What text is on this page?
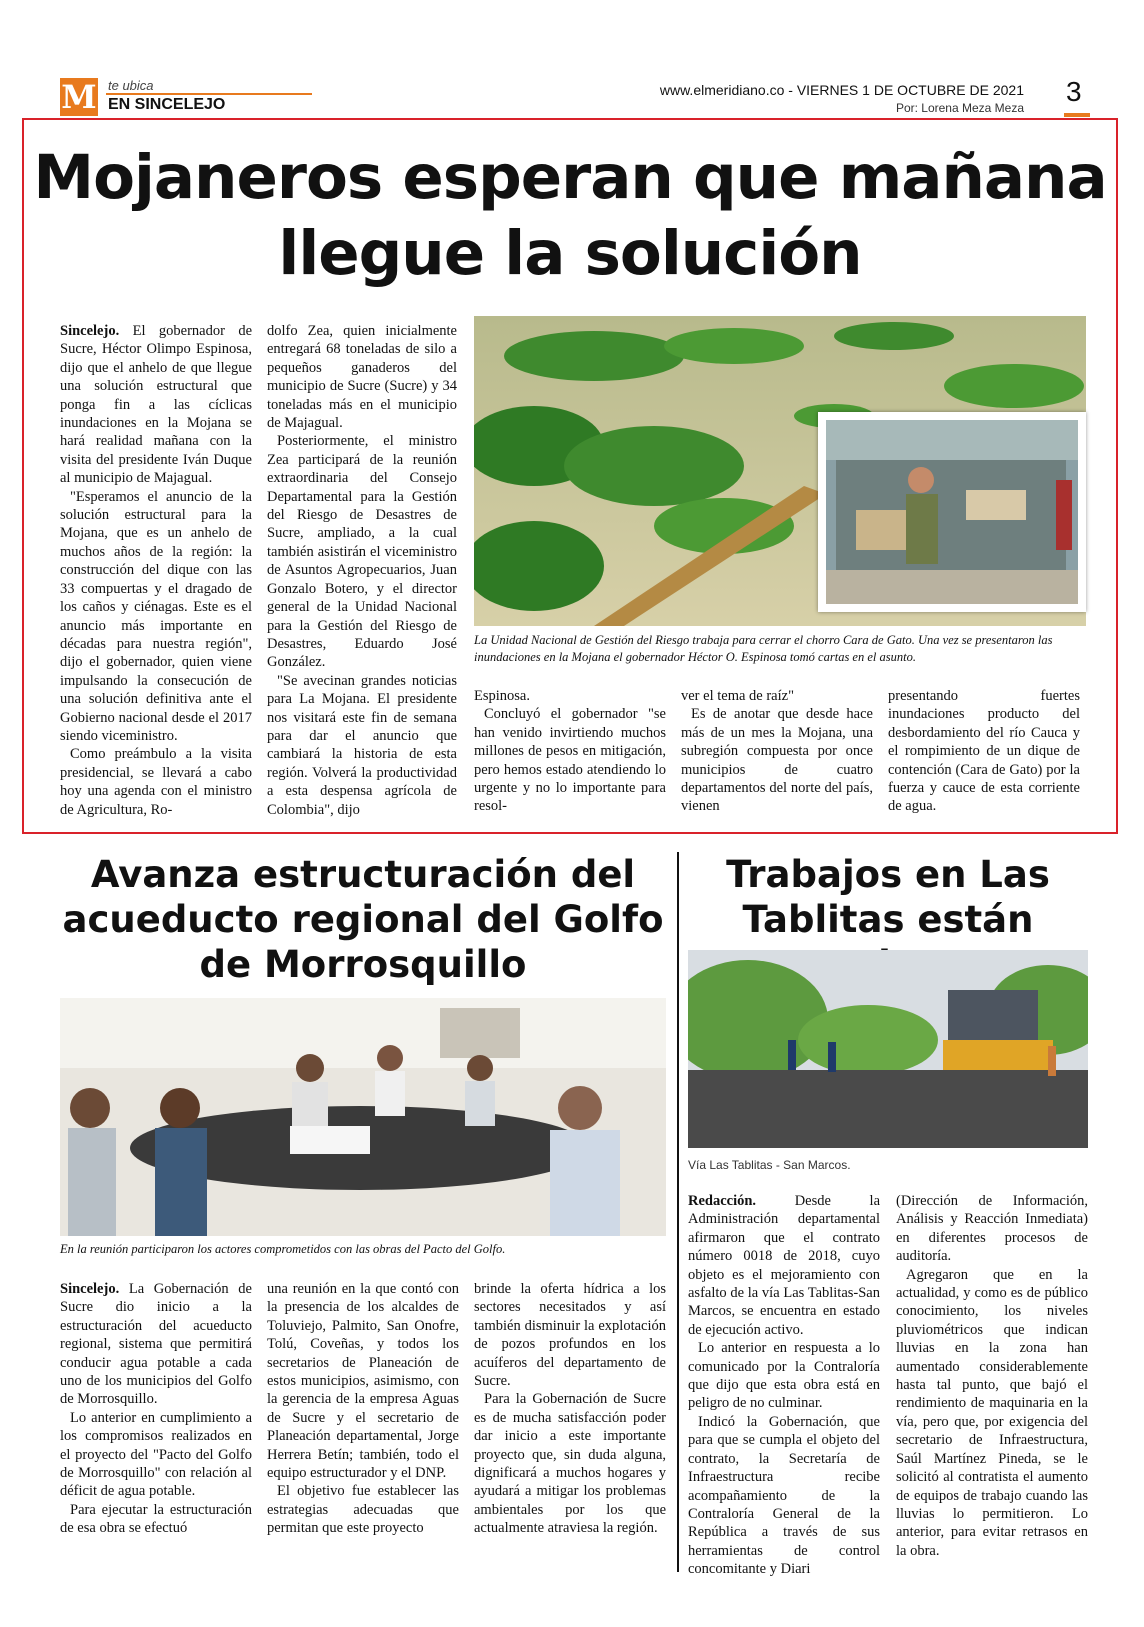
M te ubica
EN SINCELEJO
www.elmeridiano.co - VIERNES 1 DE OCTUBRE DE 2021
Por: Lorena Meza Meza
3
Mojaneros esperan que mañana llegue la solución

Sincelejo. El gobernador de Sucre, Héctor Olimpo Espinosa, dijo que el anhelo de que llegue una solución estructural que ponga fin a las cíclicas inundaciones en la Mojana se hará realidad mañana con la visita del presidente Iván Duque al municipio de Majagual.

"Esperamos el anuncio de la solución estructural para la Mojana, que es un anhelo de muchos años de la región: la construcción del dique con las 33 compuertas y el dragado de los caños y ciénagas. Este es el anuncio más importante en décadas para nuestra región", dijo el gobernador, quien viene impulsando la consecución de una solución definitiva ante el Gobierno nacional desde el 2017 siendo viceministro.

Como preámbulo a la visita presidencial, se llevará a cabo hoy una agenda con el ministro de Agricultura, Ro-

dolfo Zea, quien inicialmente entregará 68 toneladas de silo a pequeños ganaderos del municipio de Sucre (Sucre) y 34 toneladas más en el municipio de Majagual.

Posteriormente, el ministro Zea participará de la reunión extraordinaria del Consejo Departamental para la Gestión del Riesgo de Desastres de Sucre, ampliado, a la cual también asistirán el viceministro de Asuntos Agropecuarios, Juan Gonzalo Botero, y el director general de la Unidad Nacional para la Gestión del Riesgo de Desastres, Eduardo José González.

"Se avecinan grandes noticias para La Mojana. El presidente nos visitará este fin de semana para dar el anuncio que cambiará la historia de esta región. Volverá la productividad a esta despensa agrícola de Colombia", dijo

La Unidad Nacional de Gestión del Riesgo trabaja para cerrar el chorro Cara de Gato. Una vez se presentaron las inundaciones en la Mojana el gobernador Héctor O. Espinosa tomó cartas en el asunto.

Espinosa.

Concluyó el gobernador "se han venido invirtiendo muchos millones de pesos en mitigación, pero hemos estado atendiendo lo urgente y no lo importante para resol-

ver el tema de raíz"

Es de anotar que desde hace más de un mes la Mojana, una subregión compuesta por once municipios de cuatro departamentos del norte del país, vienen

presentando fuertes inundaciones producto del desbordamiento del río Cauca y el rompimiento de un dique de contención (Cara de Gato) por la fuerza y cauce de esta corriente de agua.

Avanza estructuración del acueducto regional del Golfo de Morrosquillo
En la reunión participaron los actores comprometidos con las obras del Pacto del Golfo.

Sincelejo. La Gobernación de Sucre dio inicio a la estructuración del acueducto regional, sistema que permitirá conducir agua potable a cada uno de los municipios del Golfo de Morrosquillo.

Lo anterior en cumplimiento a los compromisos realizados en el proyecto del "Pacto del Golfo de Morrosquillo" con relación al déficit de agua potable.

Para ejecutar la estructuración de esa obra se efectuó

una reunión en la que contó con la presencia de los alcaldes de Toluviejo, Palmito, San Onofre, Tolú, Coveñas, y todos los secretarios de Planeación de estos municipios, asimismo, con la gerencia de la empresa Aguas de Sucre y el secretario de Planeación departamental, Jorge Herrera Betín; también, todo el equipo estructurador y el DNP.

El objetivo fue establecer las estrategias adecuadas que permitan que este proyecto

brinde la oferta hídrica a los sectores necesitados y así también disminuir la explotación de pozos profundos en los acuíferos del departamento de Sucre.

Para la Gobernación de Sucre es de mucha satisfacción poder dar inicio a este importante proyecto que, sin duda alguna, dignificará a muchos hogares y ayudará a mitigar los problemas ambientales por los que actualmente atraviesa la región.

Trabajos en Las Tablitas están
Vía Las Tablitas - San Marcos.

Redacción.	Desde la Administración departamental afirmaron que el contrato número 0018 de 2018, cuyo objeto es el mejoramiento con asfalto de la vía Las Tablitas-San Marcos, se encuentra en estado de ejecución activo.

Lo anterior en respuesta a lo comunicado por la Contraloría que dijo que esta obra está en peligro de no culminar.

Indicó la Gobernación, que para que se cumpla el objeto del contrato, la Secretaría de Infraestructura recibe acompañamiento de la Contraloría General de la República a través de sus herramientas de control concomitante y Diari

(Dirección de Información, Análisis y Reacción Inmediata) en diferentes procesos de auditoría.

Agregaron que en la actualidad, y como es de público conocimiento, los niveles pluviométricos que indican lluvias en la zona han aumentado considerablemente hasta tal punto, que bajó el rendimiento de maquinaria en la vía, pero que, por exigencia del secretario de Infraestructura, Saúl Martínez Pineda, se le solicitó al contratista el aumento de equipos de trabajo cuando las lluvias lo permitieron. Lo anterior, para evitar retrasos en la obra.
